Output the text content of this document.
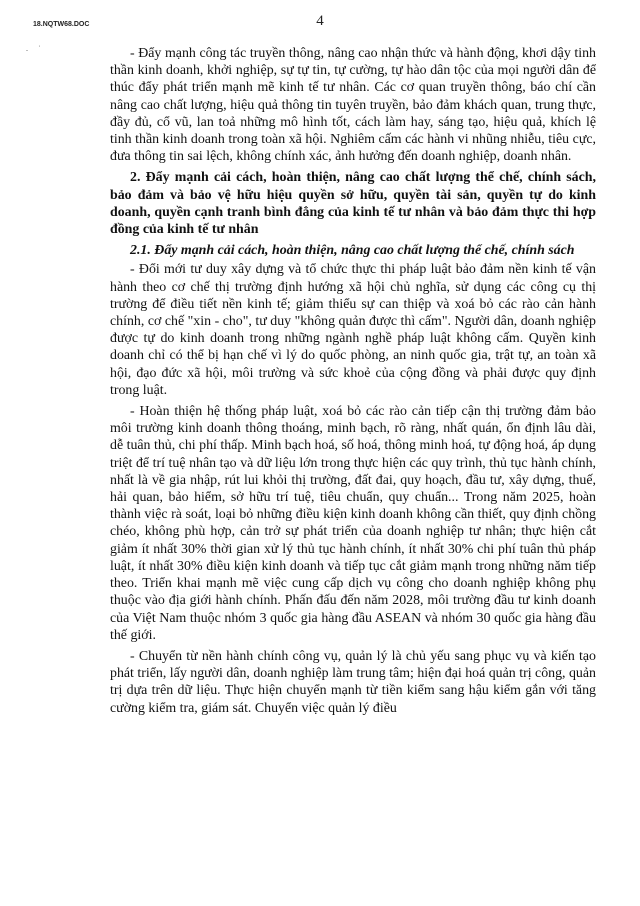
18.NQTW68.DOC	4
. ˙	- Đẩy mạnh công tác truyền thông, nâng cao nhận thức và hành động, khơi dậy tinh thần kinh doanh, khởi nghiệp, sự tự tin, tự cường, tự hào dân tộc của mọi người dân để thúc đẩy phát triển mạnh mẽ kinh tế tư nhân. Các cơ quan truyền thông, báo chí cần nâng cao chất lượng, hiệu quả thông tin tuyên truyền, bảo đảm khách quan, trung thực, đầy đủ, cổ vũ, lan toả những mô hình tốt, cách làm hay, sáng tạo, hiệu quả, khích lệ tinh thần kinh doanh trong toàn xã hội. Nghiêm cấm các hành vi nhũng nhiễu, tiêu cực, đưa thông tin sai lệch, không chính xác, ảnh hưởng đến doanh nghiệp, doanh nhân.

2. Đẩy mạnh cải cách, hoàn thiện, nâng cao chất lượng thể chế, chính sách, bảo đảm và bảo vệ hữu hiệu quyền sở hữu, quyền tài sản, quyền tự do kinh doanh, quyền cạnh tranh bình đẳng của kinh tế tư nhân và bảo đảm thực thi hợp đồng của kinh tế tư nhân
2.1. Đẩy mạnh cải cách, hoàn thiện, nâng cao chất lượng thể chế, chính sách

- Đổi mới tư duy xây dựng và tổ chức thực thi pháp luật bảo đảm nền kinh tế vận hành theo cơ chế thị trường định hướng xã hội chủ nghĩa, sử dụng các công cụ thị trường để điều tiết nền kinh tế; giảm thiểu sự can thiệp và xoá bỏ các rào cản hành chính, cơ chế "xin - cho", tư duy "không quản được thì cấm". Người dân, doanh nghiệp được tự do kinh doanh trong những ngành nghề pháp luật không cấm. Quyền kinh doanh chỉ có thể bị hạn chế vì lý do quốc phòng, an ninh quốc gia, trật tự, an toàn xã hội, đạo đức xã hội, môi trường và sức khoẻ của cộng đồng và phải được quy định trong luật.

- Hoàn thiện hệ thống pháp luật, xoá bỏ các rào cản tiếp cận thị trường đảm bảo môi trường kinh doanh thông thoáng, minh bạch, rõ ràng, nhất quán, ổn định lâu dài, dễ tuân thủ, chi phí thấp. Minh bạch hoá, số hoá, thông minh hoá, tự động hoá, áp dụng triệt để trí tuệ nhân tạo và dữ liệu lớn trong thực hiện các quy trình, thủ tục hành chính, nhất là về gia nhập, rút lui khỏi thị trường, đất đai, quy hoạch, đầu tư, xây dựng, thuế, hải quan, bảo hiểm, sở hữu trí tuệ, tiêu chuẩn, quy chuẩn... Trong năm 2025, hoàn thành việc rà soát, loại bỏ những điều kiện kinh doanh không cần thiết, quy định chồng chéo, không phù hợp, cản trở sự phát triển của doanh nghiệp tư nhân; thực hiện cắt giảm ít nhất 30% thời gian xử lý thủ tục hành chính, ít nhất 30% chi phí tuân thủ pháp luật, ít nhất 30% điều kiện kinh doanh và tiếp tục cắt giảm mạnh trong những năm tiếp theo. Triển khai mạnh mẽ việc cung cấp dịch vụ công cho doanh nghiệp không phụ thuộc vào địa giới hành chính. Phấn đấu đến năm 2028, môi trường đầu tư kinh doanh của Việt Nam thuộc nhóm 3 quốc gia hàng đầu ASEAN và nhóm 30 quốc gia hàng đầu thế giới.

- Chuyển từ nền hành chính công vụ, quản lý là chủ yếu sang phục vụ và kiến tạo phát triển, lấy người dân, doanh nghiệp làm trung tâm; hiện đại hoá quản trị công, quản trị dựa trên dữ liệu. Thực hiện chuyển mạnh từ tiền kiểm sang hậu kiểm gắn với tăng cường kiểm tra, giám sát. Chuyển việc quản lý điều
